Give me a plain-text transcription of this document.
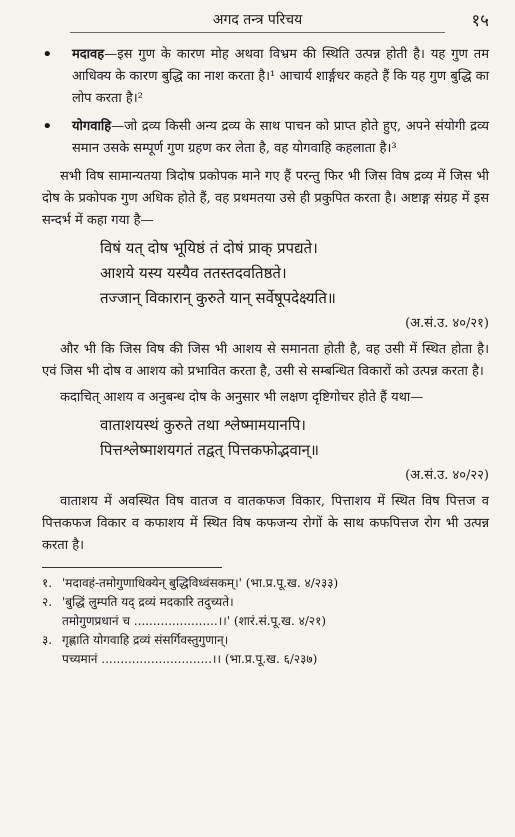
अगद तन्त्र परिचय	१५
• मदावह—इस गुण के कारण मोह अथवा विभ्रम की स्थिति उत्पन्न होती है। यह गुण तम आधिक्य के कारण बुद्धि का नाश करता है।¹ आचार्य शार्ङ्गधर कहते हैं कि यह गुण बुद्धि का लोप करता है।²
• योगवाहि—जो द्रव्य किसी अन्य द्रव्य के साथ पाचन को प्राप्त होते हुए, अपने संयोगी द्रव्य समान उसके सम्पूर्ण गुण ग्रहण कर लेता है, वह योगवाहि कहलाता है।³
सभी विष सामान्यतया त्रिदोष प्रकोपक माने गए हैं परन्तु फिर भी जिस विष द्रव्य में जिस भी दोष के प्रकोपक गुण अधिक होते हैं, वह प्रथमतया उसे ही प्रकुपित करता है। अष्टाङ्ग संग्रह में इस सन्दर्भ में कहा गया है—
विषं यत् दोष भूयिष्ठं तं दोषं प्राक् प्रपद्यते।
आशये यस्य यस्यैव ततस्तदवतिष्ठते।
तज्जान् विकारान् कुरुते यान् सर्वेषूपदेक्ष्यति॥
(अ.सं.उ. ४०/२१)
और भी कि जिस विष की जिस भी आशय से समानता होती है, वह उसी में स्थित होता है। एवं जिस भी दोष व आशय को प्रभावित करता है, उसी से सम्बन्धित विकारों को उत्पन्न करता है।
कदाचित् आशय व अनुबन्ध दोष के अनुसार भी लक्षण दृष्टिगोचर होते हैं यथा—
वाताशयस्थं कुरुते तथा श्लेष्मामयानपि।
पित्तश्लेष्माशयगतं तद्वत् पित्तकफोद्भवान्॥
(अ.सं.उ. ४०/२२)
वाताशय में अवस्थित विष वातज व वातकफज विकार, पित्ताशय में स्थित विष पित्तज व पित्तकफज विकार व कफाशय में स्थित विष कफजन्य रोगों के साथ कफपित्तज रोग भी उत्पन्न करता है।
१. 'मदावहं-तमोगुणाधिक्येन् बुद्धिविध्वंसकम्।' (भा.प्र.पू.ख. ४/२३३)
२. 'बुद्धिं लुम्पति यद् द्रव्यं मदकारि तदुच्यते।
तमोगुणप्रधानं च ......................।।' (शारं.सं.पू.ख. ४/२१)
३. गृह्णाति योगवाहि द्रव्यं संसर्गिवस्तुगुणान्।
पच्यमानं .............................।। (भा.प्र.पू.ख. ६/२३७)
